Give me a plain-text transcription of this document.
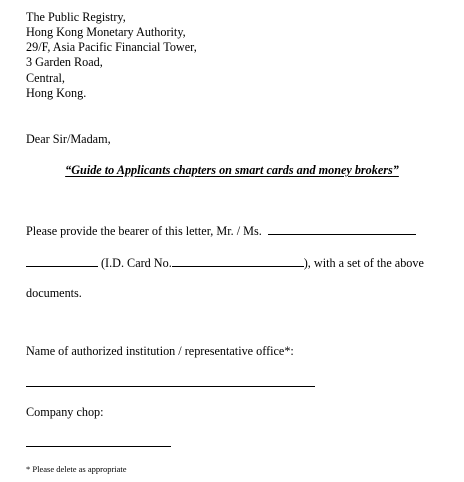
The Public Registry,
Hong Kong Monetary Authority,
29/F, Asia Pacific Financial Tower,
3 Garden Road,
Central,
Hong Kong.
Dear Sir/Madam,
“Guide to Applicants chapters on smart cards and money brokers”
Please provide the bearer of this letter, Mr. / Ms.
(I.D. Card No.	), with a set of the above
documents.
Name of authorized institution / representative office*:
Company chop:
* Please delete as appropriate
